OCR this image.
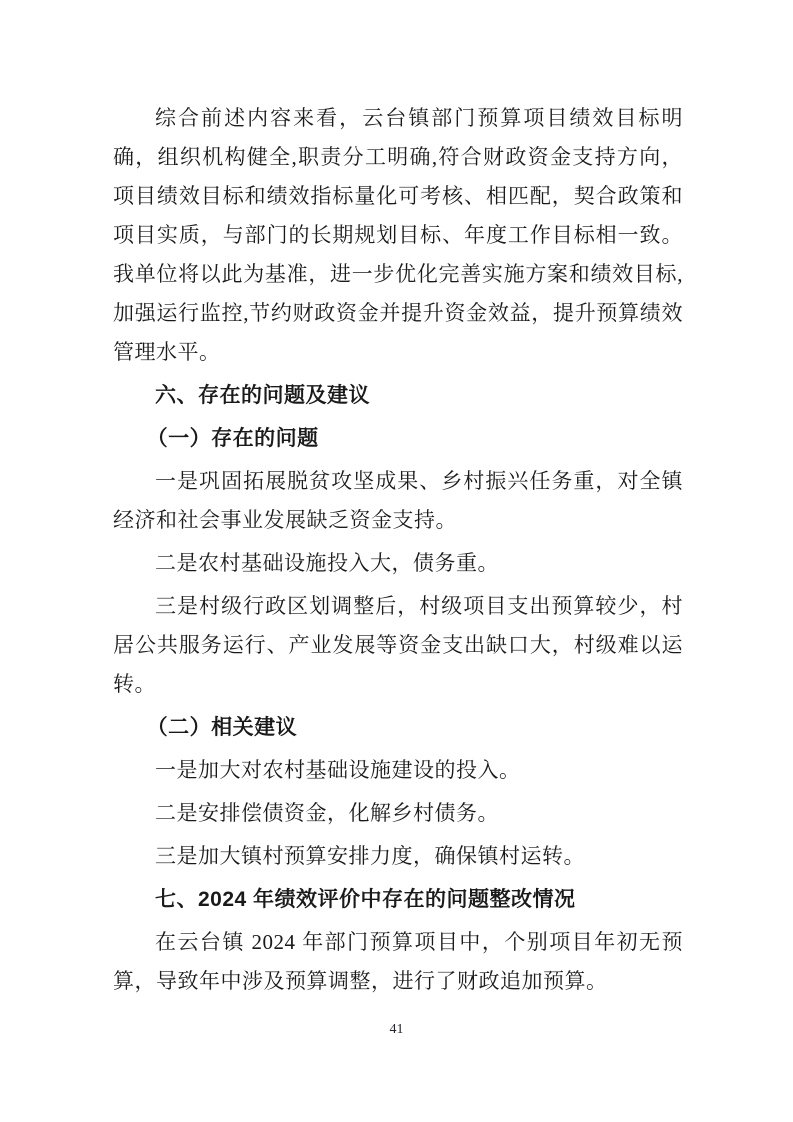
综合前述内容来看，云台镇部门预算项目绩效目标明确，组织机构健全,职责分工明确,符合财政资金支持方向，项目绩效目标和绩效指标量化可考核、相匹配，契合政策和项目实质，与部门的长期规划目标、年度工作目标相一致。我单位将以此为基准，进一步优化完善实施方案和绩效目标,加强运行监控,节约财政资金并提升资金效益，提升预算绩效管理水平。

六、存在的问题及建议
（一）存在的问题

一是巩固拓展脱贫攻坚成果、乡村振兴任务重，对全镇经济和社会事业发展缺乏资金支持。

二是农村基础设施投入大，债务重。

三是村级行政区划调整后，村级项目支出预算较少，村居公共服务运行、产业发展等资金支出缺口大，村级难以运转。

（二）相关建议

一是加大对农村基础设施建设的投入。

二是安排偿债资金，化解乡村债务。

三是加大镇村预算安排力度，确保镇村运转。

七、2024 年绩效评价中存在的问题整改情况

在云台镇 2024 年部门预算项目中，个别项目年初无预算，导致年中涉及预算调整，进行了财政追加预算。

41
